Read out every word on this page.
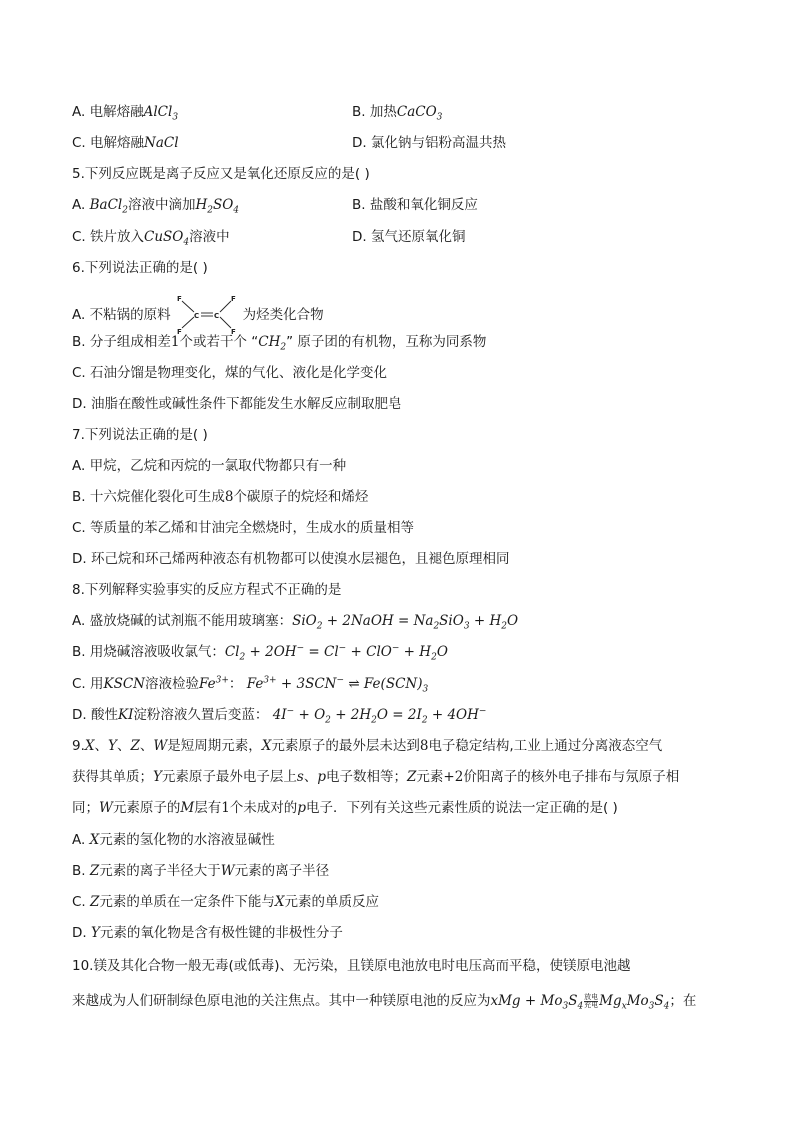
A. 电解熔融AlCl$_3$	B. 加热CaCO$_3$
C. 电解熔融NaCl	D. 氯化钠与铝粉高温共热
5.下列反应既是离子反应又是氧化还原反应的是( )
A. BaCl$_2$溶液中滴加$H_2SO_4$	B. 盐酸和氧化铜反应
C. 铁片放入CuSO$_4$溶液中	D. 氢气还原氧化铜
6.下列说法正确的是( )
A. 不粘锅的原料
F	F
F	F
C C 为烃类化合物
B. 分子组成相差1个或若干个 “$CH_2$” 原子团的有机物，互称为同系物
C. 石油分馏是物理变化，煤的气化、液化是化学变化
D. 油脂在酸性或碱性条件下都能发生水解反应制取肥皂
7.下列说法正确的是( )
A. 甲烷，乙烷和丙烷的一氯取代物都只有一种
B. 十六烷催化裂化可生成8个碳原子的烷烃和烯烃
C. 等质量的苯乙烯和甘油完全燃烧时，生成水的质量相等
D. 环己烷和环己烯两种液态有机物都可以使溴水层褪色，且褪色原理相同
8.下列解释实验事实的反应方程式不正确的是
A. 盛放烧碱的试剂瓶不能用玻璃塞：SiO$_2$ + 2NaOH = $Na_2SiO_3 + H_2O$
B. 用烧碱溶液吸收氯气：$Cl_2 + 2OH^- = Cl^- + ClO^- + H_2O$
C. 用KSCN溶液检验$Fe^{3+}$： $Fe^{3+} + 3SCN^-$ ⇌ $Fe(SCN)_3$
D. 酸性KI淀粉溶液久置后变蓝： $4I^- + O_2 + 2H_2O = 2I_2 + 4OH^-$
9.X、Y、Z、W是短周期元素，X元素原子的最外层未达到8电子稳定结构,工业上通过分离液态空气
获得其单质；Y元素原子最外电子层上s、p电子数相等；Z元素+2价阳离子的核外电子排布与氖原子相
同；W元素原子的M层有1个未成对的p电子．下列有关这些元素性质的说法一定正确的是( )
A. X元素的氢化物的水溶液显碱性
B. Z元素的离子半径大于W元素的离子半径
C. Z元素的单质在一定条件下能与X元素的单质反应
D. Y元素的氧化物是含有极性键的非极性分子
10.镁及其化合物一般无毒(或低毒)、无污染，且镁原电池放电时电压高而平稳，使镁原电池越
来越成为人们研制绿色原电池的关注焦点。其中一种镁原电池的反应为xMg + $Mo_3S_4$
放电
充电 $Mg_xMo_3S_4$；在
